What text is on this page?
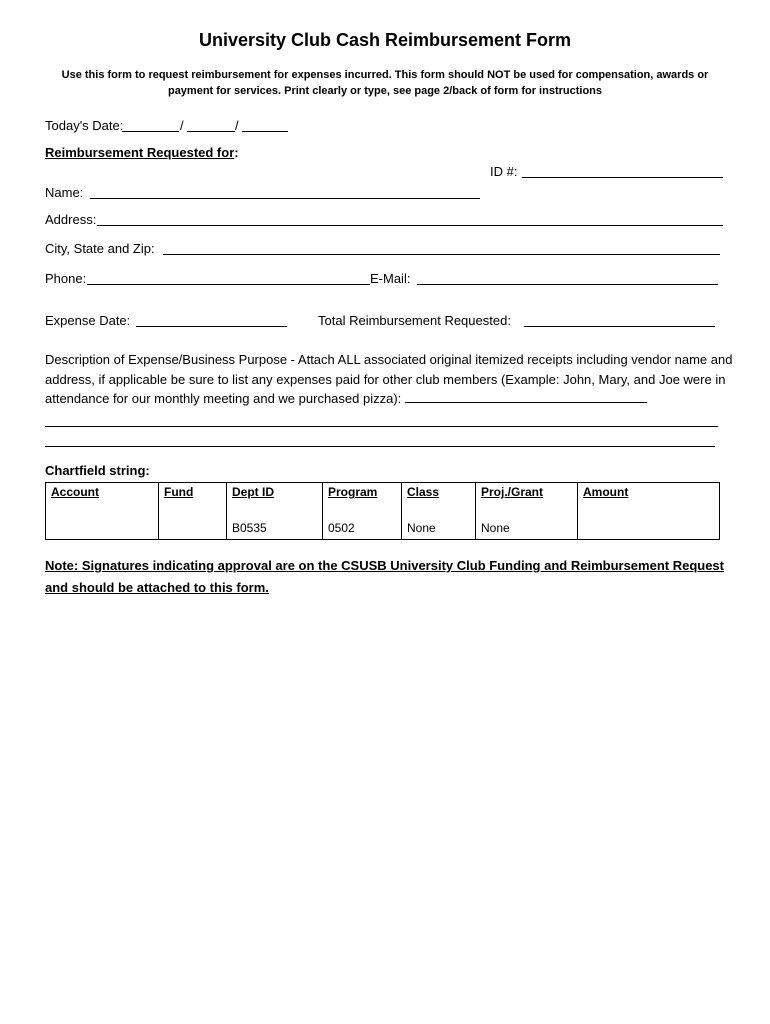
University Club Cash Reimbursement Form
Use this form to request reimbursement for expenses incurred. This form should NOT be used for compensation, awards or payment for services. Print clearly or type, see page 2/back of form for instructions
Today's Date:	/	/
Reimbursement Requested for:
ID #:
Name:
Address:
City, State and Zip:
Phone:	E-Mail:
Expense Date:	Total Reimbursement Requested:
Description of Expense/Business Purpose - Attach ALL associated original itemized receipts including vendor name and address, if applicable be sure to list any expenses paid for other club members (Example: John, Mary, and Joe were in attendance for our monthly meeting and we purchased pizza):
Chartfield string:
Account	Fund	Dept ID	Program	Class	Proj./Grant	Amount
		B0535	0502	None	None	
Note: Signatures indicating approval are on the CSUSB University Club Funding and Reimbursement Request and should be attached to this form.
